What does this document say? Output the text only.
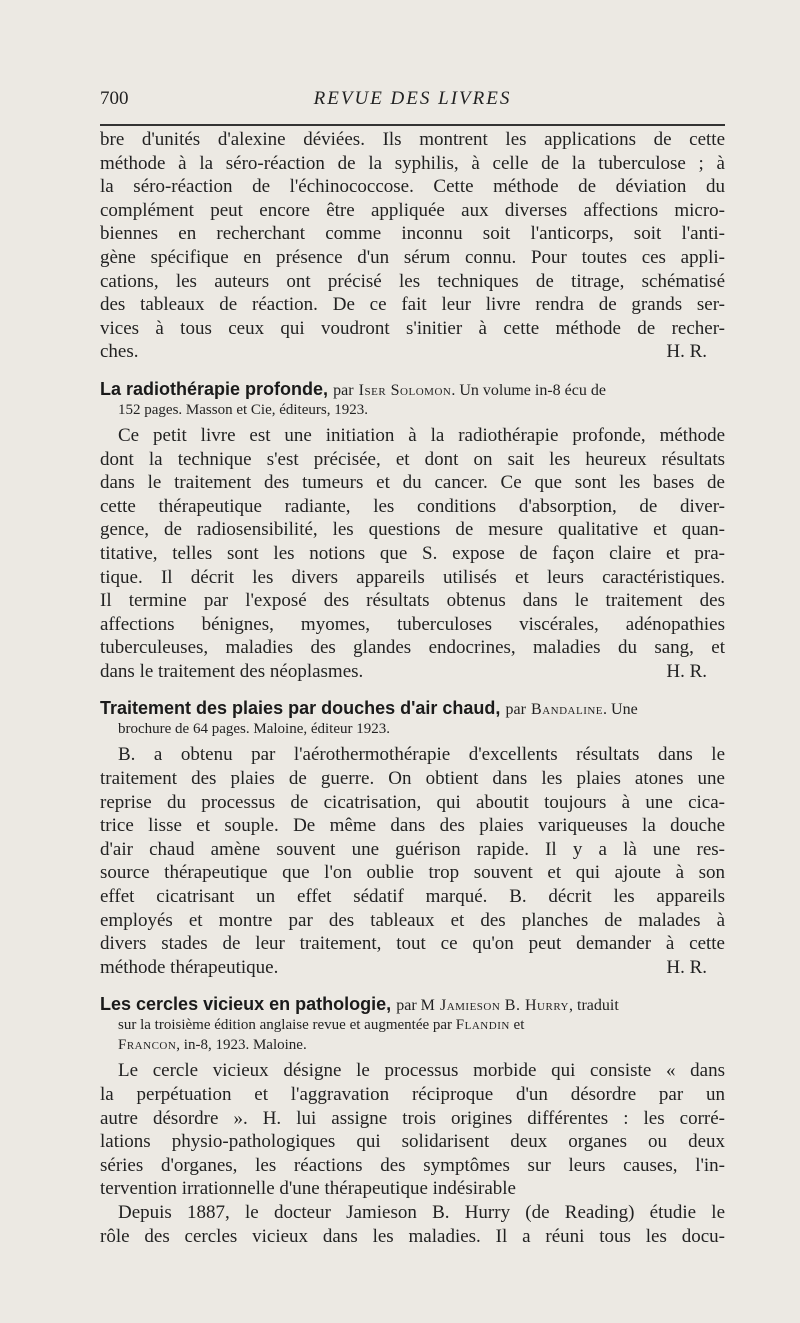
700	REVUE DES LIVRES
bre d'unités d'alexine déviées. Ils montrent les applications de cette
méthode à la séro-réaction de la syphilis, à celle de la tuberculose ; à
la séro-réaction de l'échinococcose. Cette méthode de déviation du
complément peut encore être appliquée aux diverses affections micro-
biennes en recherchant comme inconnu soit l'anticorps, soit l'anti-
gène spécifique en présence d'un sérum connu. Pour toutes ces appli-
cations, les auteurs ont précisé les techniques de titrage, schématisé
des tableaux de réaction. De ce fait leur livre rendra de grands ser-
vices à tous ceux qui voudront s'initier à cette méthode de recher-
ches.	H. R.
La radiothérapie profonde, par Iser Solomon. Un volume in-8 écu de
152 pages. Masson et Cie, éditeurs, 1923.
Ce petit livre est une initiation à la radiothérapie profonde, méthode
dont la technique s'est précisée, et dont on sait les heureux résultats
dans le traitement des tumeurs et du cancer. Ce que sont les bases de
cette thérapeutique radiante, les conditions d'absorption, de diver-
gence, de radiosensibilité, les questions de mesure qualitative et quan-
titative, telles sont les notions que S. expose de façon claire et pra-
tique. Il décrit les divers appareils utilisés et leurs caractéristiques.
Il termine par l'exposé des résultats obtenus dans le traitement des
affections bénignes, myomes, tuberculoses viscérales, adénopathies
tuberculeuses, maladies des glandes endocrines, maladies du sang, et
dans le traitement des néoplasmes.	H. R.
Traitement des plaies par douches d'air chaud, par Bandaline. Une
brochure de 64 pages. Maloine, éditeur 1923.
B. a obtenu par l'aérothermothérapie d'excellents résultats dans le
traitement des plaies de guerre. On obtient dans les plaies atones une
reprise du processus de cicatrisation, qui aboutit toujours à une cica-
trice lisse et souple. De même dans des plaies variqueuses la douche
d'air chaud amène souvent une guérison rapide. Il y a là une res-
source thérapeutique que l'on oublie trop souvent et qui ajoute à son
effet cicatrisant un effet sédatif marqué. B. décrit les appareils
employés et montre par des tableaux et des planches de malades à
divers stades de leur traitement, tout ce qu'on peut demander à cette
méthode thérapeutique.	H. R.
Les cercles vicieux en pathologie, par M Jamieson B. Hurry, traduit
sur la troisième édition anglaise revue et augmentée par Flandin et
Francon, in-8, 1923. Maloine.
Le cercle vicieux désigne le processus morbide qui consiste « dans
la perpétuation et l'aggravation réciproque d'un désordre par un
autre désordre ». H. lui assigne trois origines différentes : les corré-
lations physio-pathologiques qui solidarisent deux organes ou deux
séries d'organes, les réactions des symptômes sur leurs causes, l'in-
tervention irrationnelle d'une thérapeutique indésirable
Depuis 1887, le docteur Jamieson B. Hurry (de Reading) étudie le
rôle des cercles vicieux dans les maladies. Il a réuni tous les docu-
